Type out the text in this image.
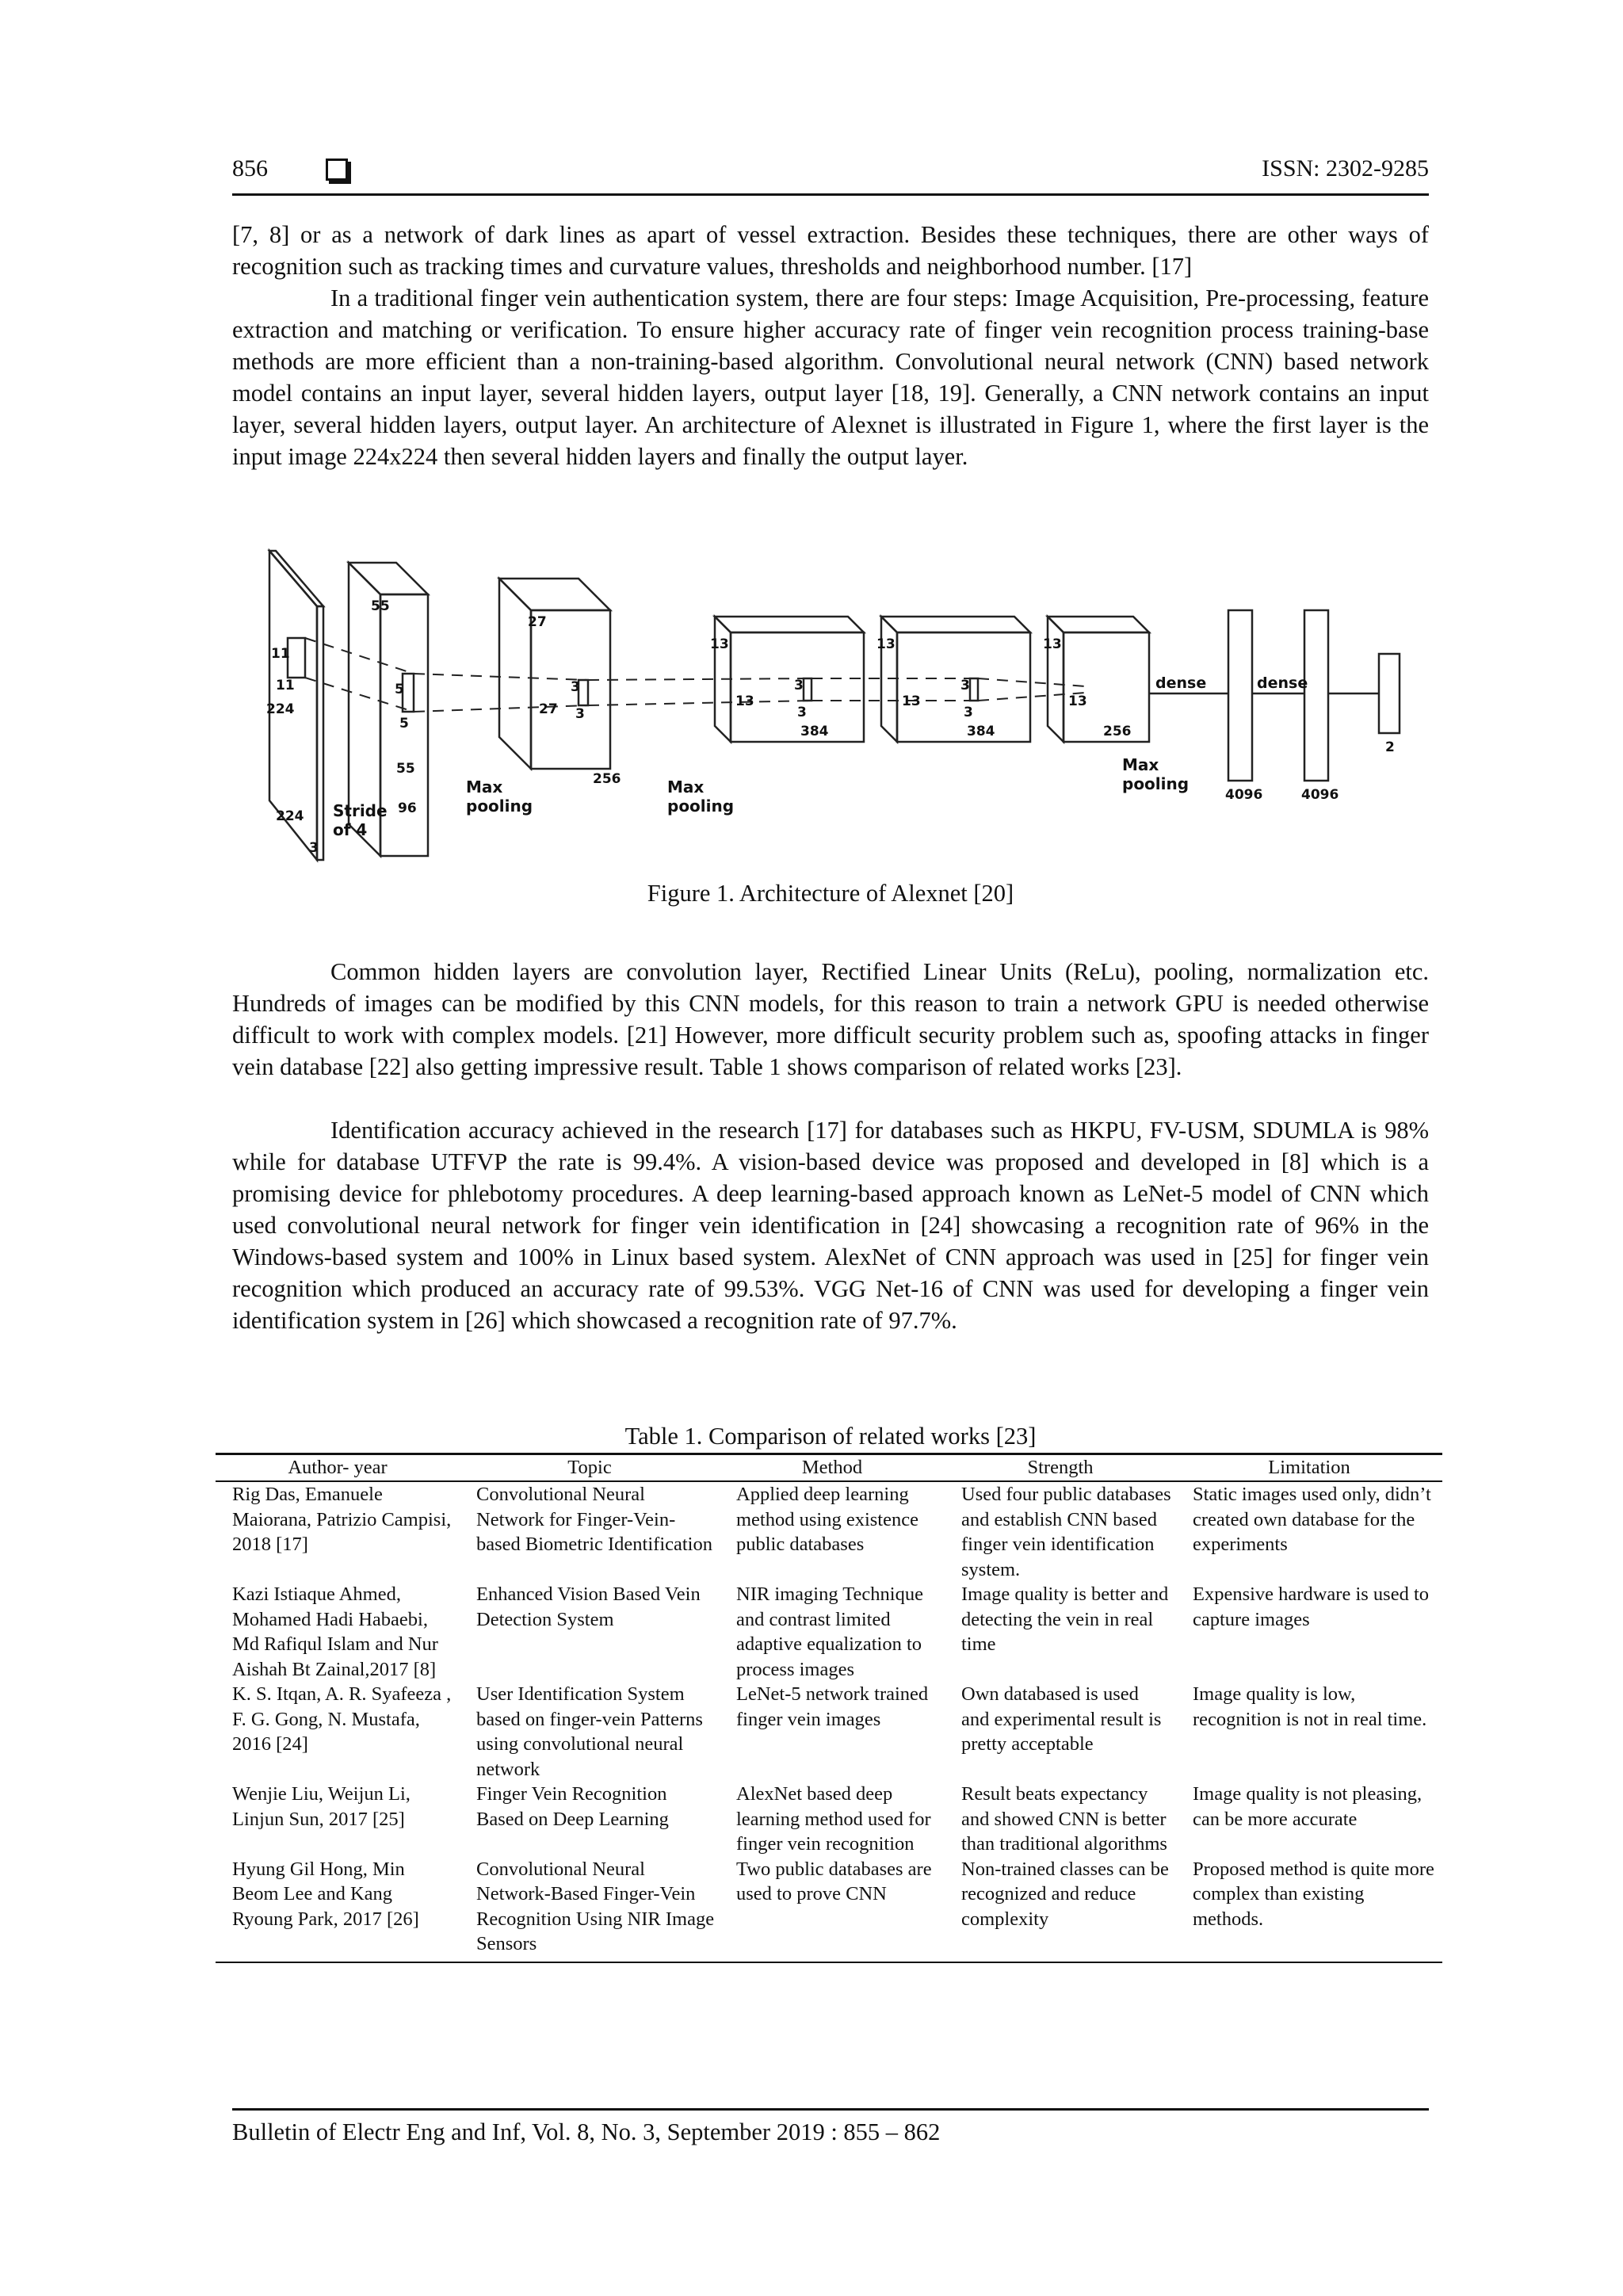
856	ISSN: 2302-9285

[7, 8] or as a network of dark lines as apart of vessel extraction. Besides these techniques, there are other ways of recognition such as tracking times and curvature values, thresholds and neighborhood number. [17]

In a traditional finger vein authentication system, there are four steps: Image Acquisition, Pre-processing, feature extraction and matching or verification. To ensure higher accuracy rate of finger vein recognition process training-base methods are more efficient than a non-training-based algorithm. Convolutional neural network (CNN) based network model contains an input layer, several hidden layers, output layer [18, 19]. Generally, a CNN network contains an input layer, several hidden layers, output layer. An architecture of Alexnet is illustrated in Figure 1, where the first layer is the input image 224x224 then several hidden layers and finally the output layer.

11
11
224
224
3
Stride
of 4
55
55
5
5
96
Max
pooling
27
27
3
3
256	Max
pooling
13
13
3
3
384
13
13
3
3
384
13
13
256
Max
pooling
dense	dense
4096	4096
2
Figure 1. Architecture of Alexnet [20]

Common hidden layers are convolution layer, Rectified Linear Units (ReLu), pooling, normalization etc. Hundreds of images can be modified by this CNN models, for this reason to train a network GPU is needed otherwise difficult to work with complex models. [21] However, more difficult security problem such as, spoofing attacks in finger vein database [22] also getting impressive result. Table 1 shows comparison of related works [23].

Identification accuracy achieved in the research [17] for databases such as HKPU, FV-USM, SDUMLA is 98% while for database UTFVP the rate is 99.4%. A vision-based device was proposed and developed in [8] which is a promising device for phlebotomy procedures. A deep learning-based approach known as LeNet-5 model of CNN which used convolutional neural network for finger vein identification in [24] showcasing a recognition rate of 96% in the Windows-based system and 100% in Linux based system. AlexNet of CNN approach was used in [25] for finger vein recognition which produced an accuracy rate of 99.53%. VGG Net-16 of CNN was used for developing a finger vein identification system in [26] which showcased a recognition rate of 97.7%.

Table 1. Comparison of related works [23]
Author- year	Topic	Method	Strength	Limitation
Rig Das, Emanuele Maiorana, Patrizio Campisi, 2018 [17]	Convolutional Neural Network for Finger-Vein-based Biometric Identification	Applied deep learning method using existence public databases	Used four public databases and establish CNN based finger vein identification system.	Static images used only, didn’t created own database for the experiments
Kazi Istiaque Ahmed, Mohamed Hadi Habaebi, Md Rafiqul Islam and Nur Aishah Bt Zainal,2017 [8]	Enhanced Vision Based Vein Detection System	NIR imaging Technique and contrast limited adaptive equalization to process images	Image quality is better and detecting the vein in real time	Expensive hardware is used to capture images
K. S. Itqan, A. R. Syafeeza , F. G. Gong, N. Mustafa, 2016 [24]	User Identification System based on finger-vein Patterns using convolutional neural network	LeNet-5 network trained finger vein images	Own databased is used and experimental result is pretty acceptable	Image quality is low, recognition is not in real time.
Wenjie Liu, Weijun Li, Linjun Sun, 2017 [25]	Finger Vein Recognition Based on Deep Learning	AlexNet based deep learning method used for finger vein recognition	Result beats expectancy and showed CNN is better than traditional algorithms	Image quality is not pleasing, can be more accurate
Hyung Gil Hong, Min Beom Lee and Kang Ryoung Park, 2017 [26]	Convolutional Neural Network-Based Finger-Vein Recognition Using NIR Image Sensors	Two public databases are used to prove CNN	Non-trained classes can be recognized and reduce complexity	Proposed method is quite more complex than existing methods.
Bulletin of Electr Eng and Inf, Vol. 8, No. 3, September 2019 : 855 – 862
